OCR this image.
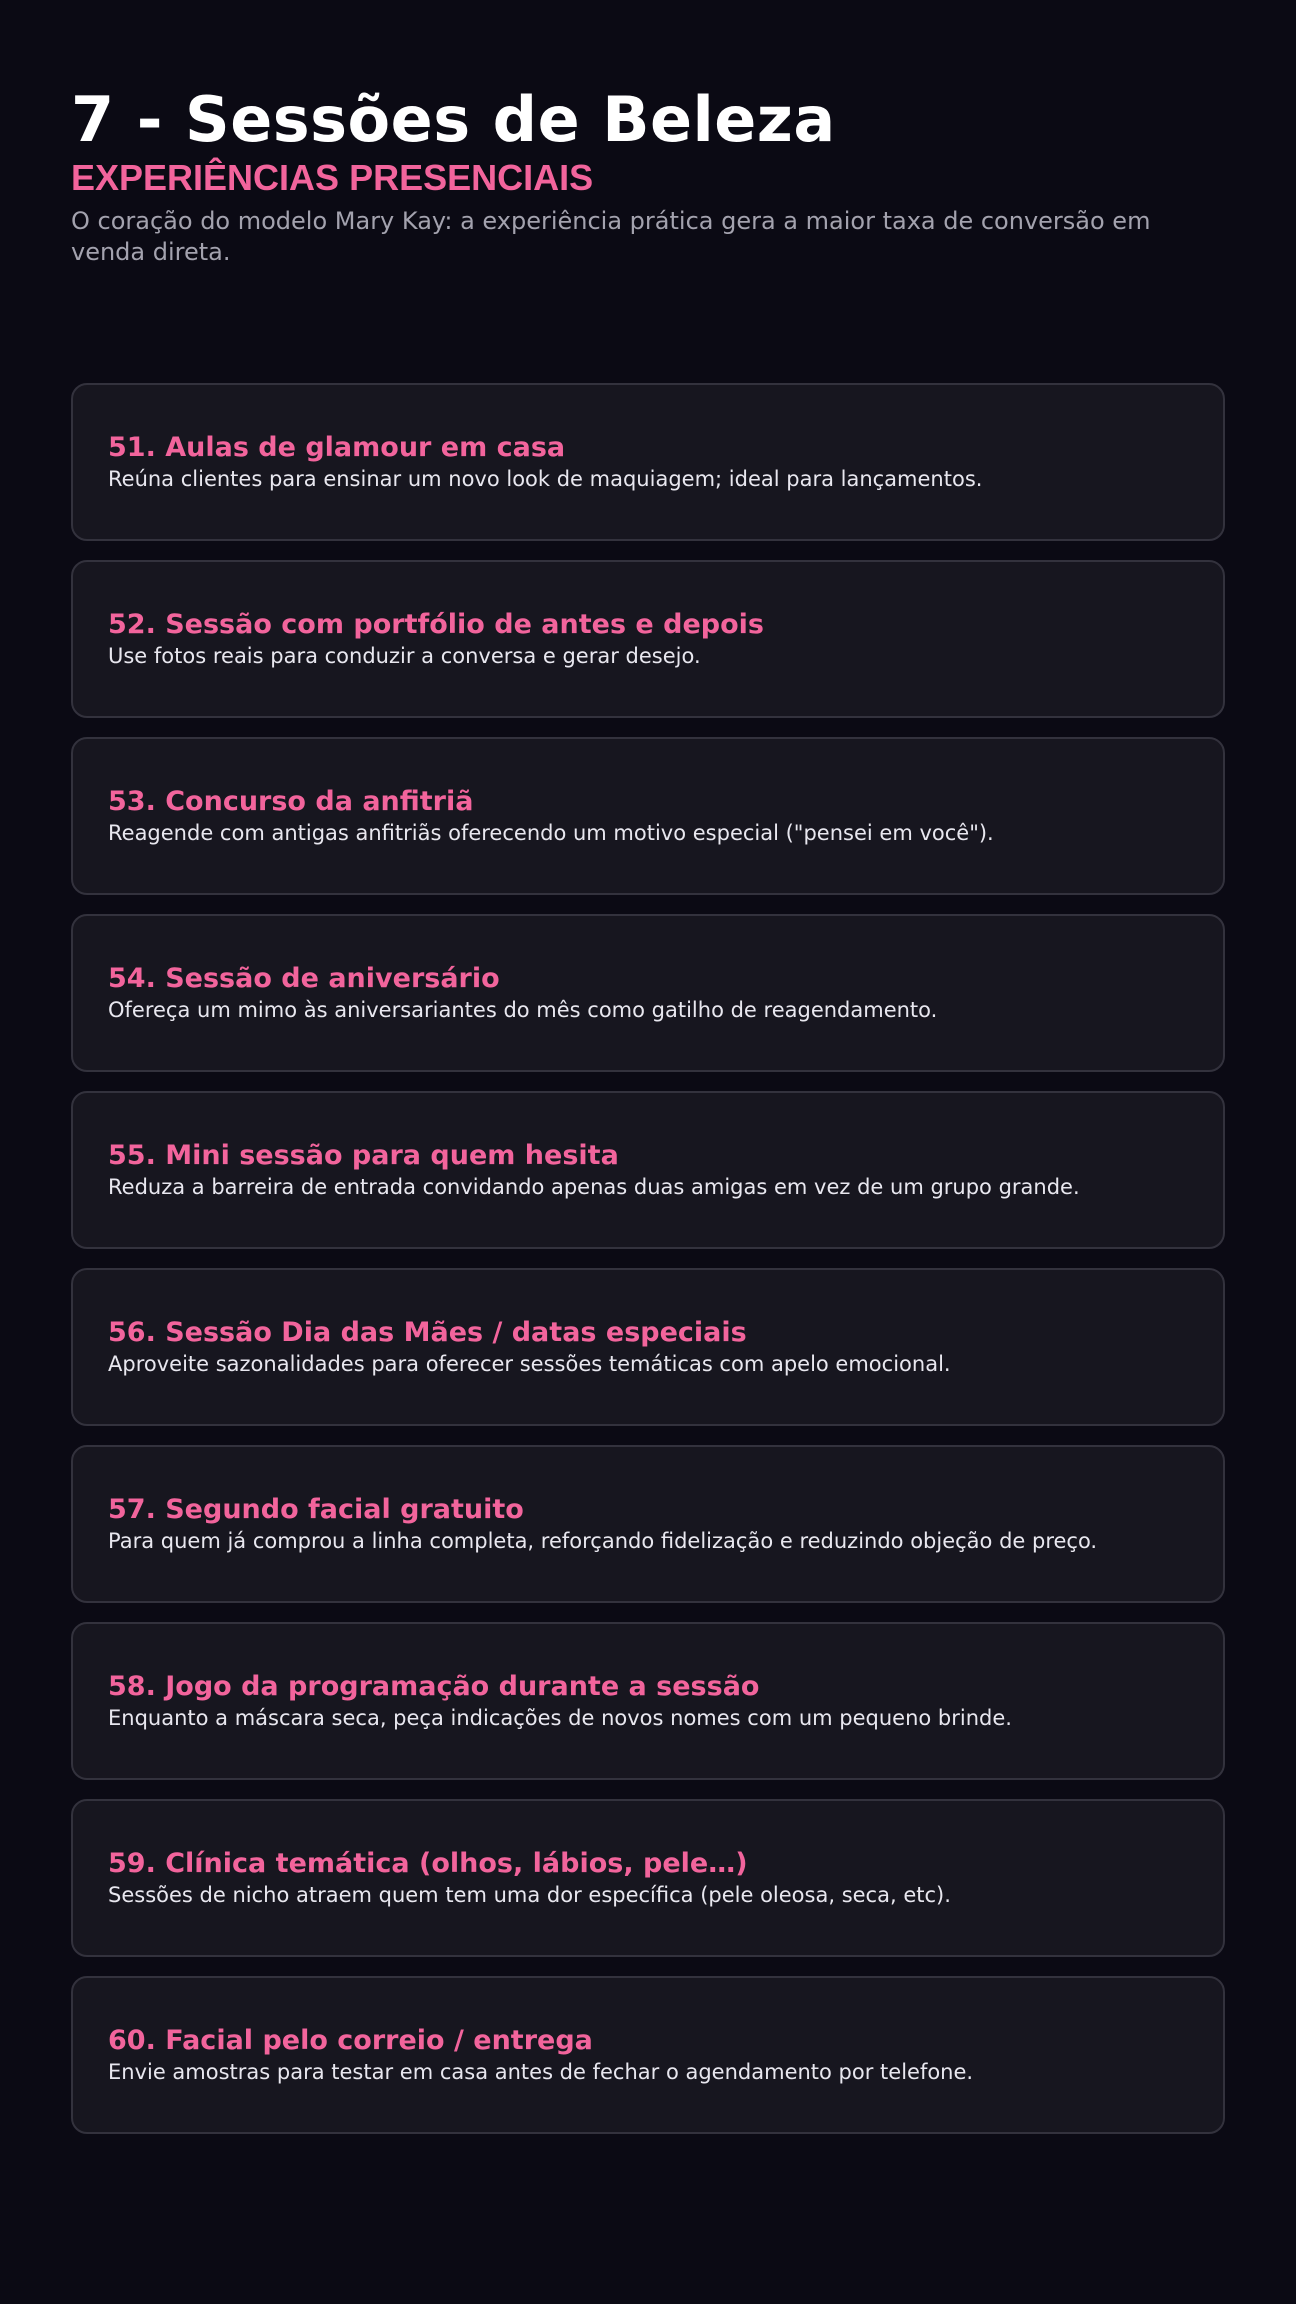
7 - Sessões de Beleza
EXPERIÊNCIAS PRESENCIAIS

O coração do modelo Mary Kay: a experiência prática gera a maior taxa de conversão em venda direta.

51. Aulas de glamour em casa
Reúna clientes para ensinar um novo look de maquiagem; ideal para lançamentos.
52. Sessão com portfólio de antes e depois
Use fotos reais para conduzir a conversa e gerar desejo.
53. Concurso da anfitriã
Reagende com antigas anfitriãs oferecendo um motivo especial ("pensei em você").
54. Sessão de aniversário
Ofereça um mimo às aniversariantes do mês como gatilho de reagendamento.
55. Mini sessão para quem hesita
Reduza a barreira de entrada convidando apenas duas amigas em vez de um grupo grande.
56. Sessão Dia das Mães / datas especiais
Aproveite sazonalidades para oferecer sessões temáticas com apelo emocional.
57. Segundo facial gratuito
Para quem já comprou a linha completa, reforçando fidelização e reduzindo objeção de preço.
58. Jogo da programação durante a sessão
Enquanto a máscara seca, peça indicações de novos nomes com um pequeno brinde.
59. Clínica temática (olhos, lábios, pele…)
Sessões de nicho atraem quem tem uma dor específica (pele oleosa, seca, etc).
60. Facial pelo correio / entrega
Envie amostras para testar em casa antes de fechar o agendamento por telefone.
